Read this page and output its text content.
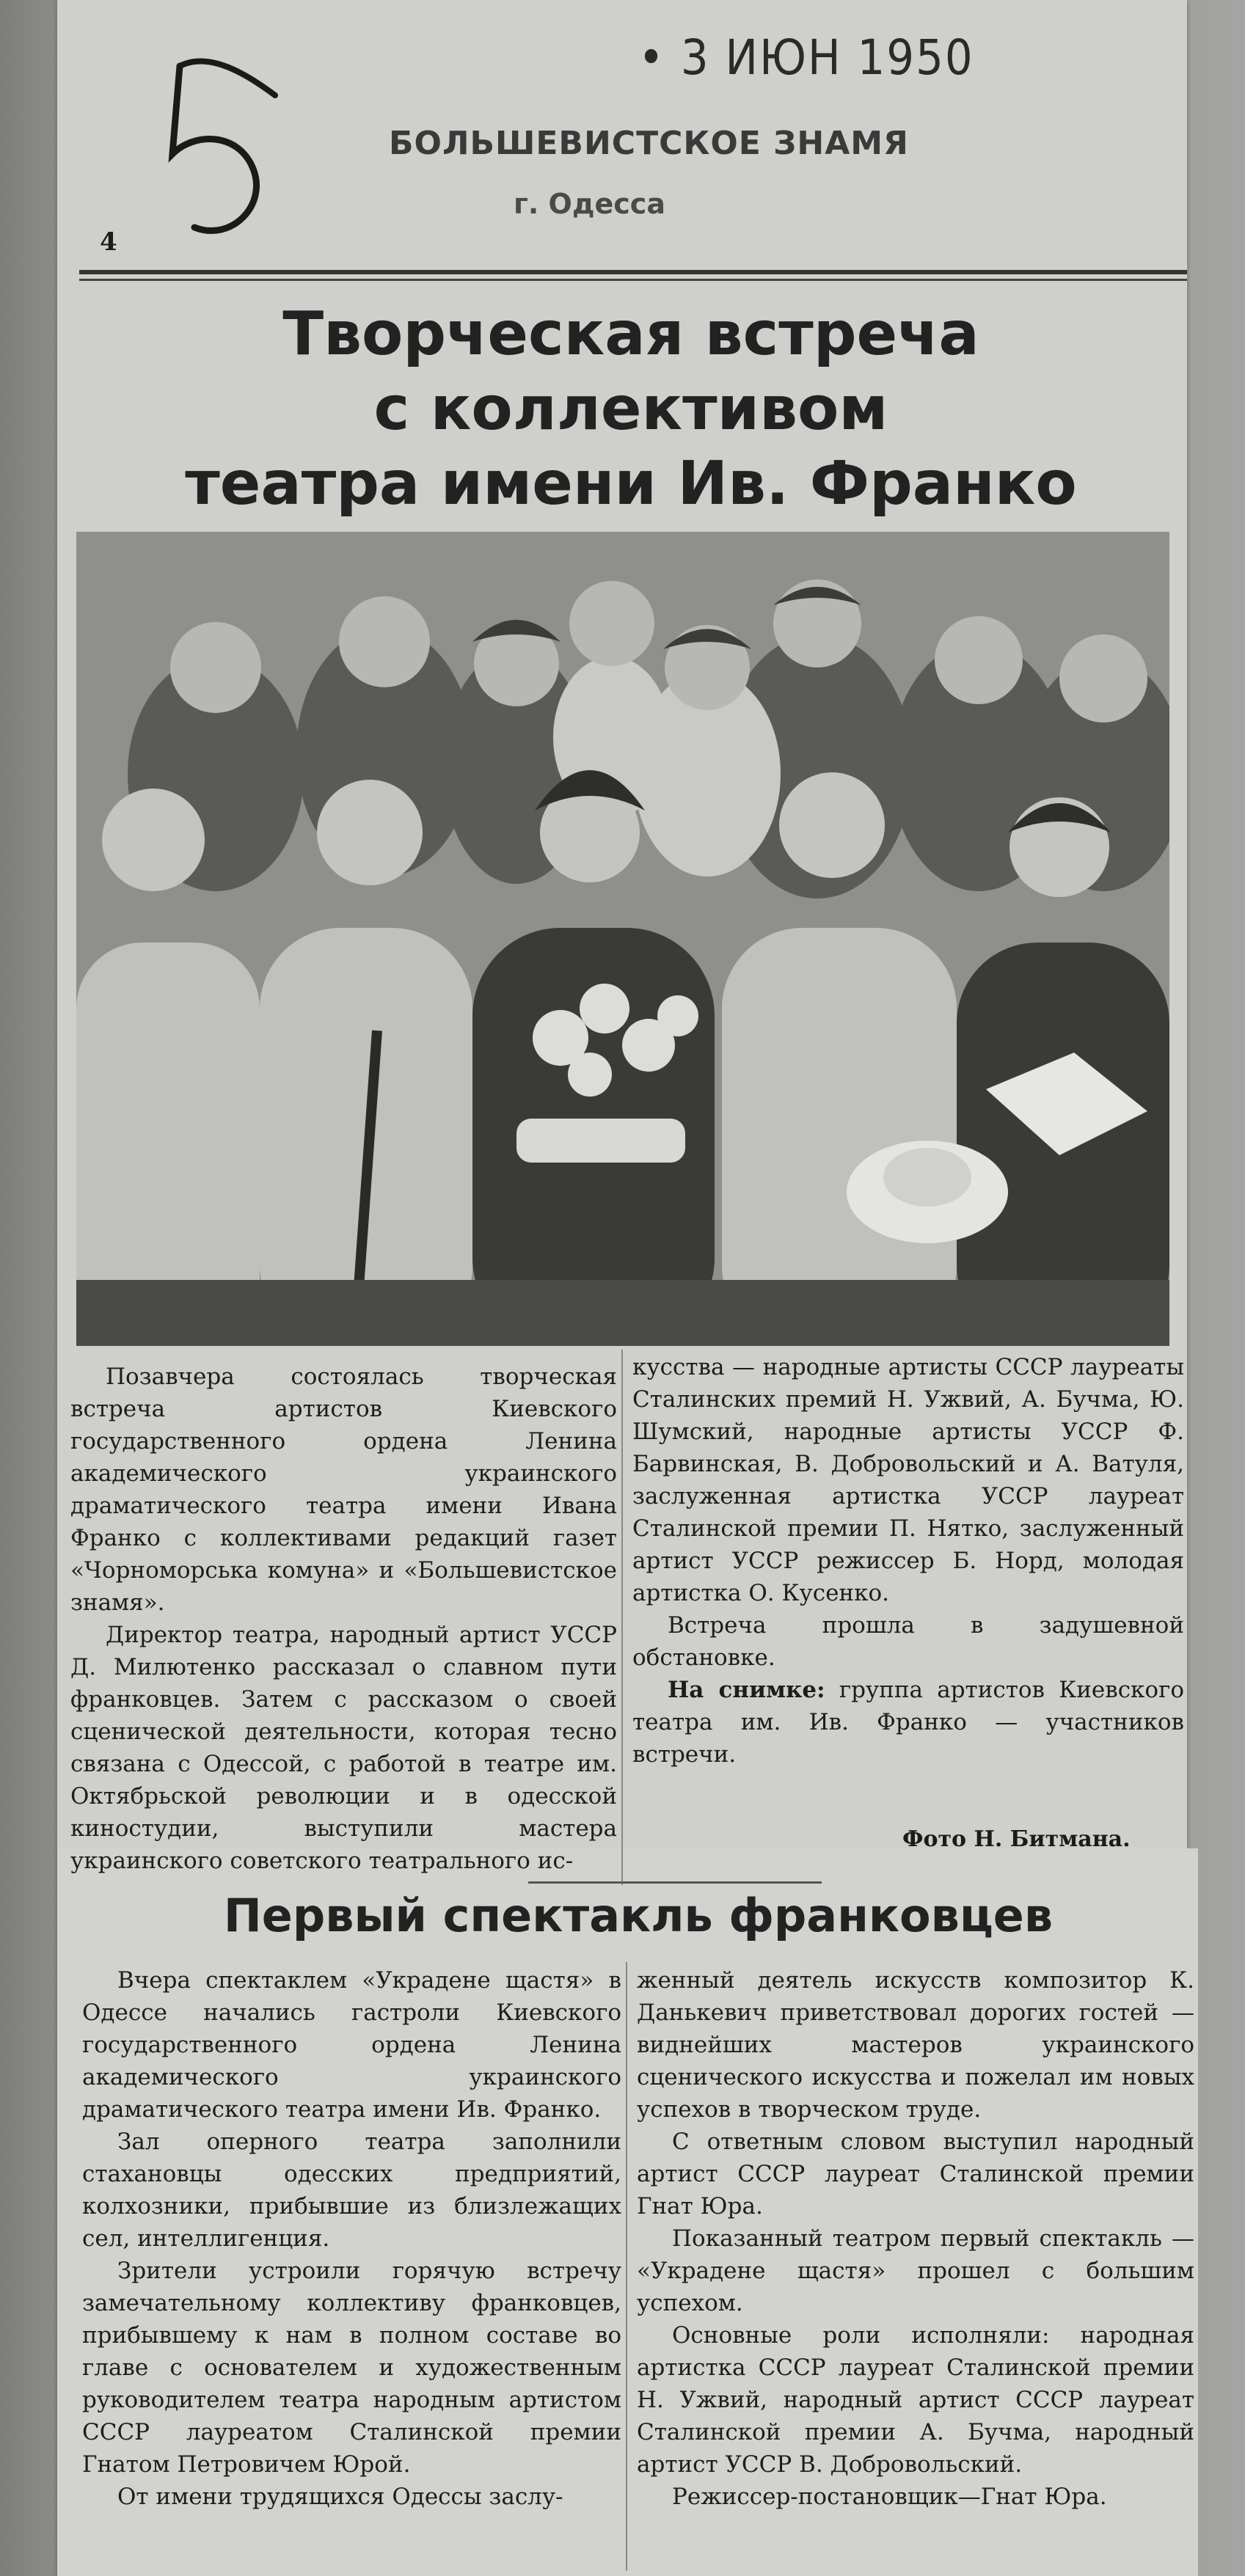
4
• 3 ИЮН 1950
БОЛЬШЕВИСТСКОЕ ЗНАМЯ
г. Одесса
Творческая встреча
с коллективом
театра имени Ив. Франко

Позавчера состоялась творческая встреча артистов Киевского государственного ордена Ленина академического украинского драматического театра имени Ивана Франко с коллективами редакций газет «Чорноморська комуна» и «Большевистское знамя».

Директор театра, народный артист УССР Д. Милютенко рассказал о славном пути франковцев. Затем с рассказом о своей сценической деятельности, которая тесно связана с Одессой, с работой в театре им. Октябрьской революции и в одесской киностудии, выступили мастера украинского советского театрального ис-

кусства — народные артисты СССР лауреаты Сталинских премий Н. Ужвий, А. Бучма, Ю. Шумский, народные артисты УССР Ф. Барвинская, В. Добровольский и А. Ватуля, заслуженная артистка УССР лауреат Сталинской премии П. Нятко, заслуженный артист УССР режиссер Б. Норд, молодая артистка О. Кусенко.

Встреча прошла в задушевной обстановке.

На снимке: группа артистов Киевского театра им. Ив. Франко — участников встречи.

Фото Н. Битмана.
Первый спектакль франковцев

Вчера спектаклем «Украдене щастя» в Одессе начались гастроли Киевского государственного ордена Ленина академического украинского драматического театра имени Ив. Франко.

Зал оперного театра заполнили стахановцы одесских предприятий, колхозники, прибывшие из близлежащих сел, интеллигенция.

Зрители устроили горячую встречу замечательному коллективу франковцев, прибывшему к нам в полном составе во главе с основателем и художественным руководителем театра народным артистом СССР лауреатом Сталинской премии Гнатом Петровичем Юрой.

От имени трудящихся Одессы заслу-

женный деятель искусств композитор К. Данькевич приветствовал дорогих гостей — виднейших мастеров украинского сценического искусства и пожелал им новых успехов в творческом труде.

С ответным словом выступил народный артист СССР лауреат Сталинской премии Гнат Юра.

Показанный театром первый спектакль — «Украдене щастя» прошел с большим успехом.

Основные роли исполняли: народная артистка СССР лауреат Сталинской премии Н. Ужвий, народный артист СССР лауреат Сталинской премии А. Бучма, народный артист УССР В. Добровольский.

Режиссер-постановщик—Гнат Юра.
